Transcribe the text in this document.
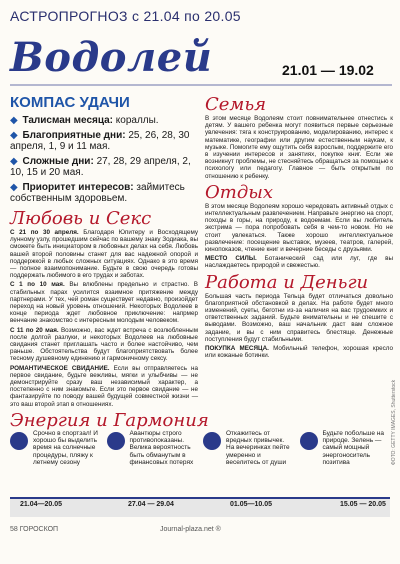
АСТРОПРОГНОЗ с 21.04 по 20.05
Водолей	21.01 — 19.02
КОМПАС УДАЧИ
◆ Талисман месяца: кораллы.
◆ Благоприятные дни: 25, 26, 28, 30 апреля, 1, 9 и 11 мая.
◆ Сложные дни: 27, 28, 29 апреля, 2, 10, 15 и 20 мая.
◆ Приоритет интересов: займитесь собственным здоровьем.
Любовь и Секс

С 21 по 30 апреля. Благодаря Юпитеру и Восходящему лунному узлу, прошедшим сейчас по вашему знаку Зодиака, вы сможете быть инициатором в любовных делах на себя. Любовь вашей второй половины станет для вас надежной опорой и поддержкой в любых сложных ситуациях. Однако в это время — полное взаимопонимание. Будьте в свою очередь готовы поддержать любимого в его трудах и заботах.

С 1 по 10 мая. Вы влюблены предельно и страстно. В стабильных парах усилится взаимное притяжение между партнерами. У тех, чей роман существует недавно, произойдет переход на новый уровень отношений. Некоторых Водолеев в конце периода ждет любовное приключение: напрмер венчание знакомство с интересным молодым человеком.

С 11 по 20 мая. Возможно, вас ждет встреча с возлюбленным после долгой разлуки, и некоторых Водолеев на любовные свидания станет приглашать часто и более настойчиво, чем раньше. Обстоятельства будут благоприятствовать более тесному душевному единению и гармоничному сексу.

РОМАНТИЧЕСКОЕ СВИДАНИЕ. Если вы отправляетесь на первое свидание, будьте вежливы, мягки и улыбчивы — не демонстрируйте сразу ваш независимый характер, а постепенно с ним знакомьте. Если это первое свидание — не фантазируйте по поводу вашей будущей совместной жизни — это ваш второй этап в отношениях.

Семья

В этом месяце Водолеям стоит повнимательнее отнестись к детям. У вашего ребенка могут появиться первые серьезные увлечения: тяга к конструированию, моделированию, интерес к математике, географии или другим естественным наукам, к музыке. Помогите ему ощутить себя взрослым, поддержите его в изучении интересов и занятиях, покупке книг. Если же возникнут проблемы, не стесняйтесь обращаться за помощью к психологу или педагогу. Главное — быть открытым по отношению к ребенку.

Отдых

В этом месяце Водолеям хорошо чередовать активный отдых с интеллектуальным развлечением. Направьте энергию на спорт, походы в горы, на природу, к водоемам. Если вы любитель экстрима — пора попробовать себя в чем-то новом. Но не стоит увлекаться. Также хорошо интеллектуальное развлечение: посещение выставок, музеев, театров, галерей, кинопоказов, чтение книг и вечерние беседы с друзьями.

МЕСТО СИЛЫ. Ботанический сад или луг, где вы наслаждаетесь природой и свежестью.

Работа и Деньги

Большая часть периода Тельца будет отличаться довольно благоприятной обстановкой в делах. На работе будет много изменений, суеты, беготни из-за наличия на вас трудоемких и ответственных заданий. Будьте внимательны и не спешите с выводами. Возможно, ваш начальник даст вам сложное задание, и вы с ним справитесь блестяще. Денежные поступления будут стабильными.

ПОКУПКА МЕСЯЦА. Мобильный телефон, хорошая кресло или кожаные ботинки.

Энергия и Гармония
Срочно в спортзал! И хорошо бы выделить время на солнечные процедуры, пляжу к летнему сезону
Авантюры строго противопоказаны. Велика вероятность быть обманутым в финансовых потерях
Откажитесь от вредных привычек. На вечеринках пейте умеренно и веселитесь от души
Будьте побольше на природе. Зелень — самый мощный энергоноситель позитива
21.04—20.05	27.04 — 29.04	01.05—10.05	15.05 — 20.05
58 ГОРОСКОП	Journal-plaza.net ®
ФОТО: GETTY IMAGES, Shutterstock
